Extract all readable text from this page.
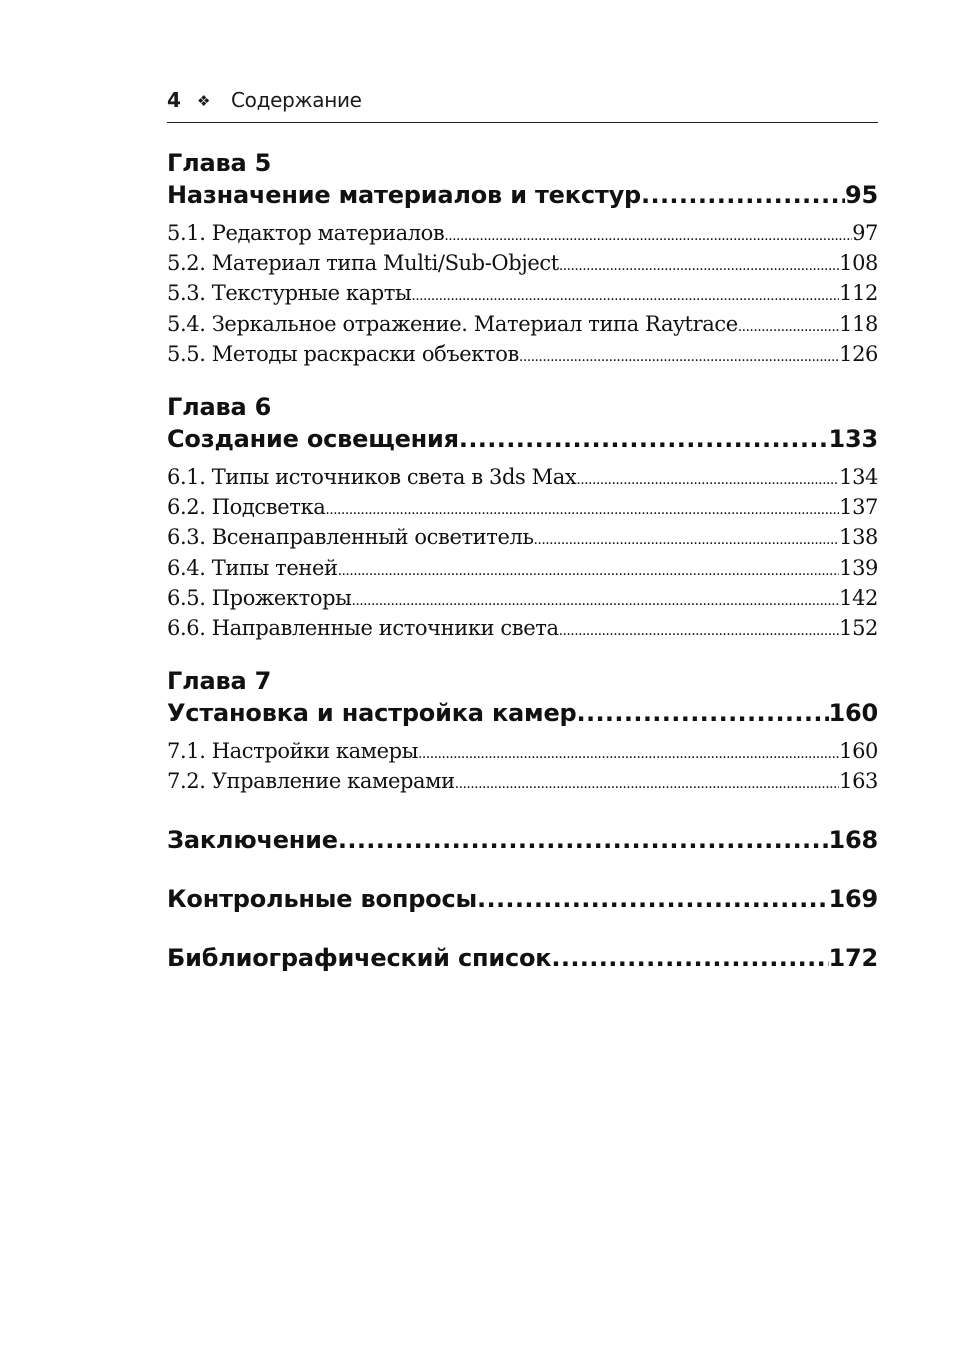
4	❖	Содержание
Глава 5
Назначение материалов и текстур . . .	95
5.1. Редактор материалов . . .	97
5.2. Материал типа Multi/Sub-Object . . .	108
5.3. Текстурные карты . . .	112
5.4. Зеркальное отражение. Материал типа Raytrace . . .	118
5.5. Методы раскраски объектов . . .	126
Глава 6
Создание освещения . . .	133
6.1. Типы источников света в 3ds Max . . .	134
6.2. Подсветка . . .	137
6.3. Всенаправленный осветитель . . .	138
6.4. Типы теней . . .	139
6.5. Прожекторы . . .	142
6.6. Направленные источники света . . .	152
Глава 7
Установка и настройка камер . . .	160
7.1. Настройки камеры . . .	160
7.2. Управление камерами . . .	163
Заключение . . .	168
Контрольные вопросы . . .	169
Библиографический список . . .	172
